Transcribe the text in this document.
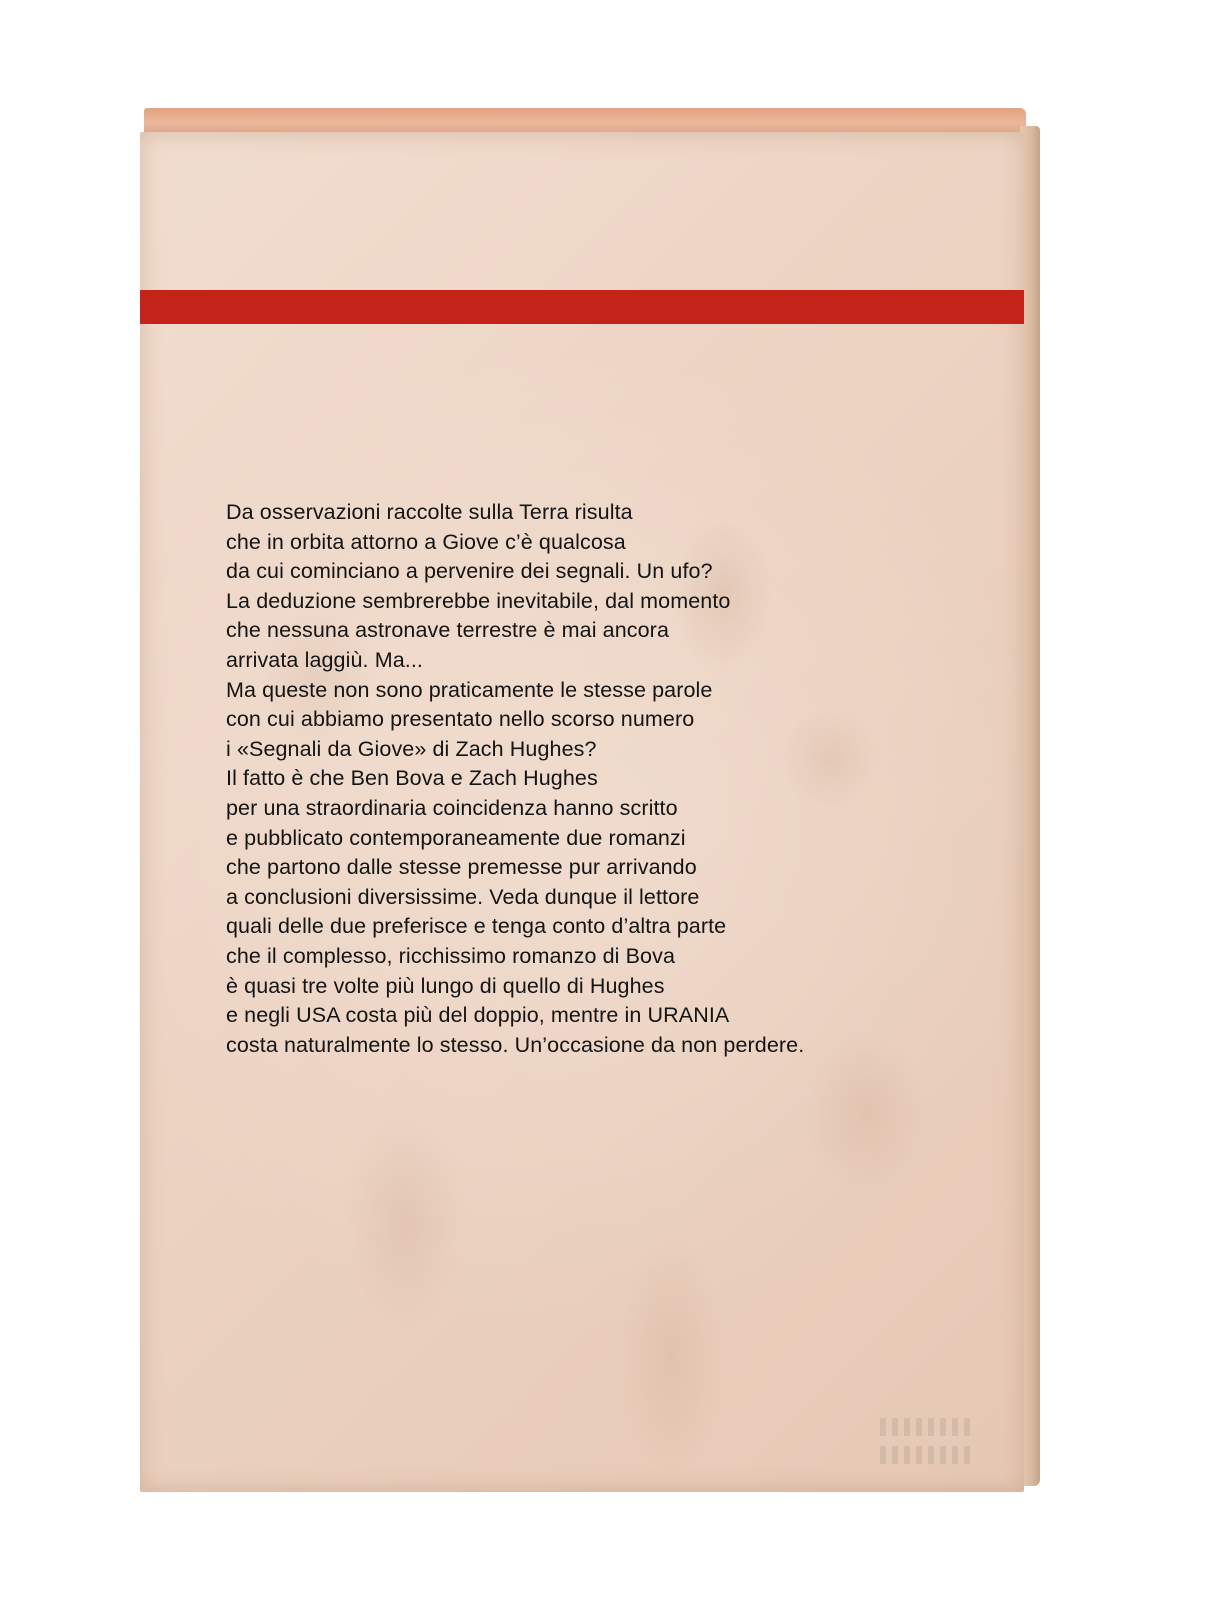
Da osservazioni raccolte sulla Terra risulta
che in orbita attorno a Giove c’è qualcosa
da cui cominciano a pervenire dei segnali. Un ufo?
La deduzione sembrerebbe inevitabile, dal momento
che nessuna astronave terrestre è mai ancora
arrivata laggiù. Ma...
Ma queste non sono praticamente le stesse parole
con cui abbiamo presentato nello scorso numero
i «Segnali da Giove» di Zach Hughes?
Il fatto è che Ben Bova e Zach Hughes
per una straordinaria coincidenza hanno scritto
e pubblicato contemporaneamente due romanzi
che partono dalle stesse premesse pur arrivando
a conclusioni diversissime. Veda dunque il lettore
quali delle due preferisce e tenga conto d’altra parte
che il complesso, ricchissimo romanzo di Bova
è quasi tre volte più lungo di quello di Hughes
e negli USA costa più del doppio, mentre in URANIA
costa naturalmente lo stesso. Un’occasione da non perdere.
